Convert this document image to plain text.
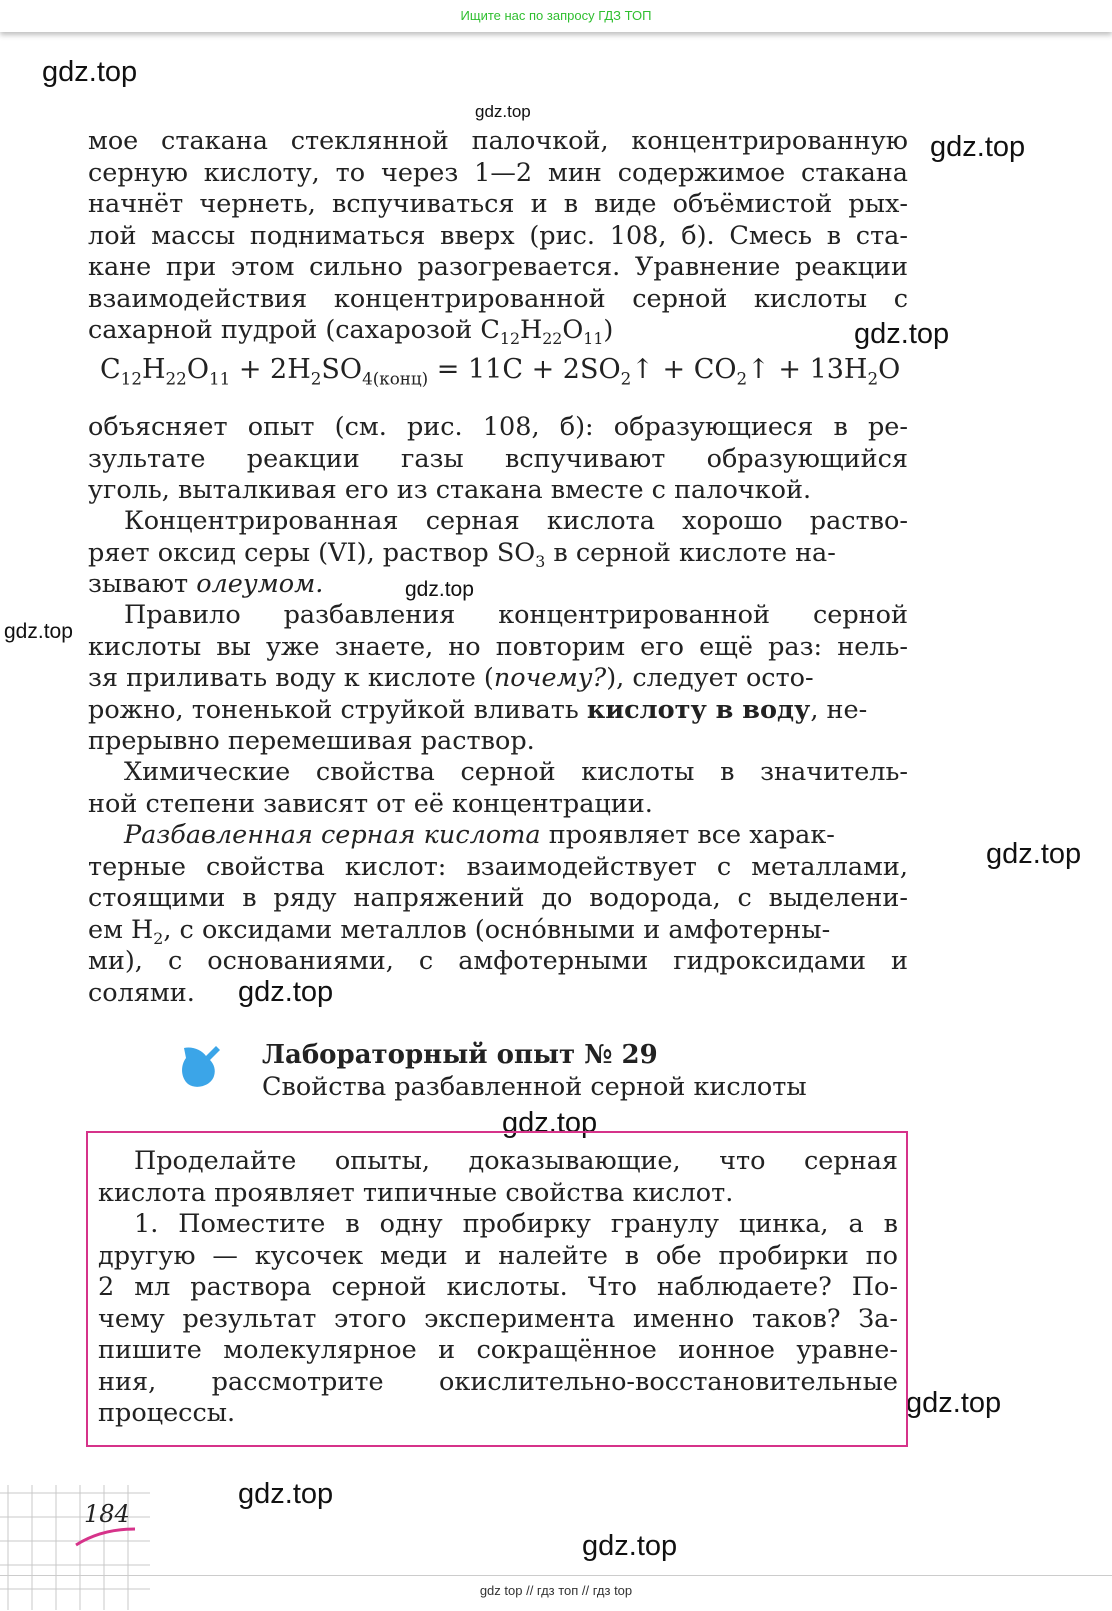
Ищите нас по запросу ГДЗ ТОП
gdz.top
gdz.top
gdz.top
gdz.top
gdz.top
gdz.top
gdz.top
gdz.top
gdz.top
gdz.top
gdz.top
gdz.top
мое стакана стеклянной палочкой, концентрированную
серную кислоту, то через 1—2 мин содержимое стакана
начнёт чернеть, вспучиваться и в виде объёмистой рых-
лой массы подниматься вверх (рис. 108, б). Смесь в ста-
кане при этом сильно разогревается. Уравнение реакции
взаимодействия концентрированной серной кислоты с
сахарной пудрой (сахарозой $C_{12}H_{22}O_{11}$)
$C_{12}H_{22}O_{11} + 2H_2SO_{4(конц)} = 11C$ + $2SO_2↑$ + $CO_2↑ + 13H_2O$
объясняет опыт (см. рис. 108, б): образующиеся в ре-
зультате реакции газы вспучивают образующийся
уголь, выталкивая его из стакана вместе с палочкой.
Концентрированная серная кислота хорошо раство-
ряет оксид серы (VI), раствор $SO_3$ в серной кислоте на-
зывают олеумом.
Правило разбавления концентрированной серной
кислоты вы уже знаете, но повторим его ещё раз: нель-
зя приливать воду к кислоте (почему?), следует осто-
рожно, тоненькой струйкой вливать кислоту в воду, не-
прерывно перемешивая раствор.
Химические свойства серной кислоты в значитель-
ной степени зависят от её концентрации.
Разбавленная серная кислота проявляет все харак-
терные свойства кислот: взаимодействует с металлами,
стоящими в ряду напряжений до водорода, с выделени-
ем $H_2$, с оксидами металлов (оснóвными и амфотерны-
ми), с основаниями, с амфотерными гидроксидами и
солями.
Лабораторный опыт № 29
Свойства разбавленной серной кислоты
Проделайте опыты, доказывающие, что серная
кислота проявляет типичные свойства кислот.
1. Поместите в одну пробирку гранулу цинка, а в
другую — кусочек меди и налейте в обе пробирки по
2 мл раствора серной кислоты. Что наблюдаете? По-
чему результат этого эксперимента именно таков? За-
пишите молекулярное и сокращённое ионное уравне-
ния, рассмотрите окислительно-восстановительные
процессы.
184
gdz top // гдз топ // гдз top
